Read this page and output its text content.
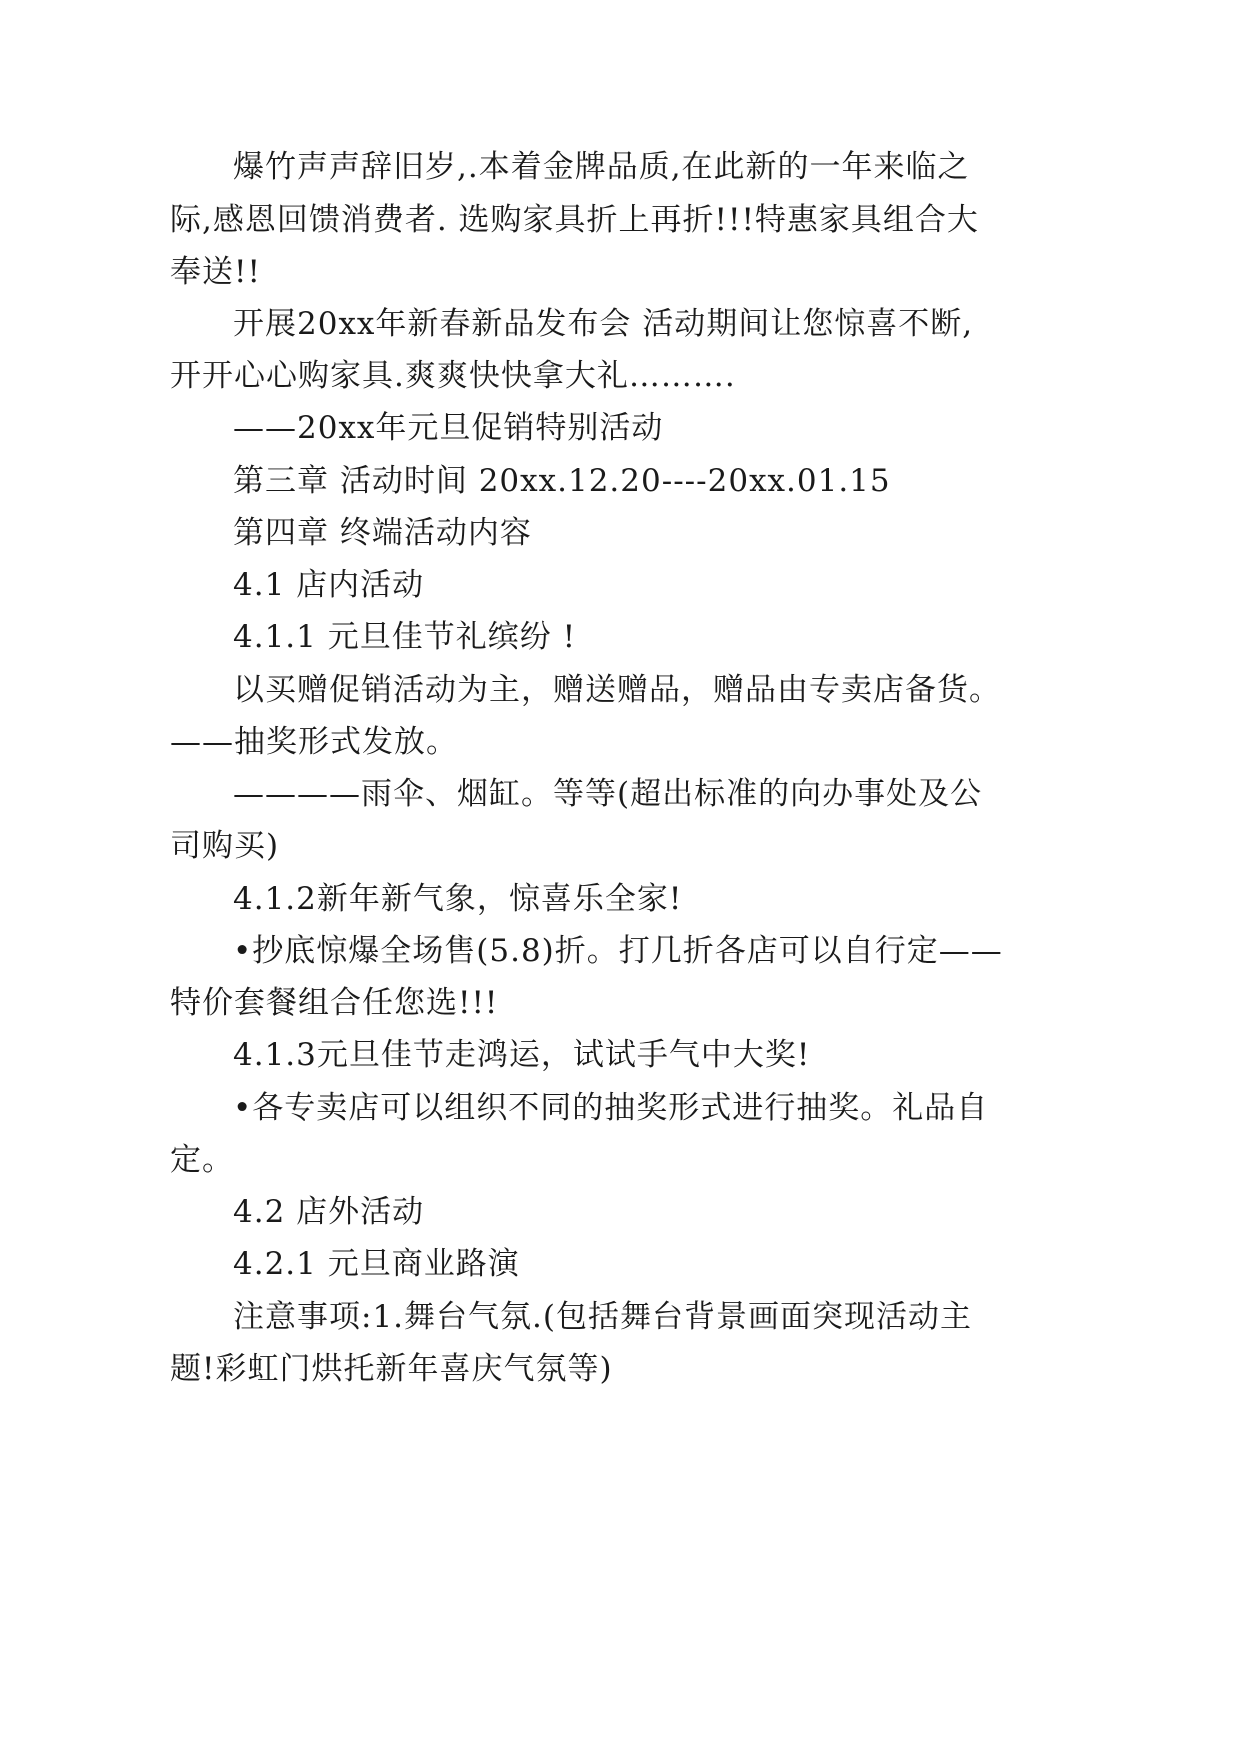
爆竹声声辞旧岁,.本着金牌品质,在此新的一年来临之
际,感恩回馈消费者. 选购家具折上再折!!!特惠家具组合大
奉送!!
开展20xx年新春新品发布会 活动期间让您惊喜不断,
开开心心购家具.爽爽快快拿大礼……….
——20xx年元旦促销特别活动
第三章 活动时间 20xx.12.20----20xx.01.15
第四章 终端活动内容
4.1 店内活动
4.1.1 元旦佳节礼缤纷 !
以买赠促销活动为主，赠送赠品，赠品由专卖店备货。
——抽奖形式发放。
————雨伞、烟缸。等等(超出标准的向办事处及公
司购买)
4.1.2新年新气象，惊喜乐全家!
•抄底惊爆全场售(5.8)折。打几折各店可以自行定——
特价套餐组合任您选!!!
4.1.3元旦佳节走鸿运，试试手气中大奖!
•各专卖店可以组织不同的抽奖形式进行抽奖。礼品自
定。
4.2 店外活动
4.2.1 元旦商业路演
注意事项:1.舞台气氛.(包括舞台背景画面突现活动主
题!彩虹门烘托新年喜庆气氛等)
